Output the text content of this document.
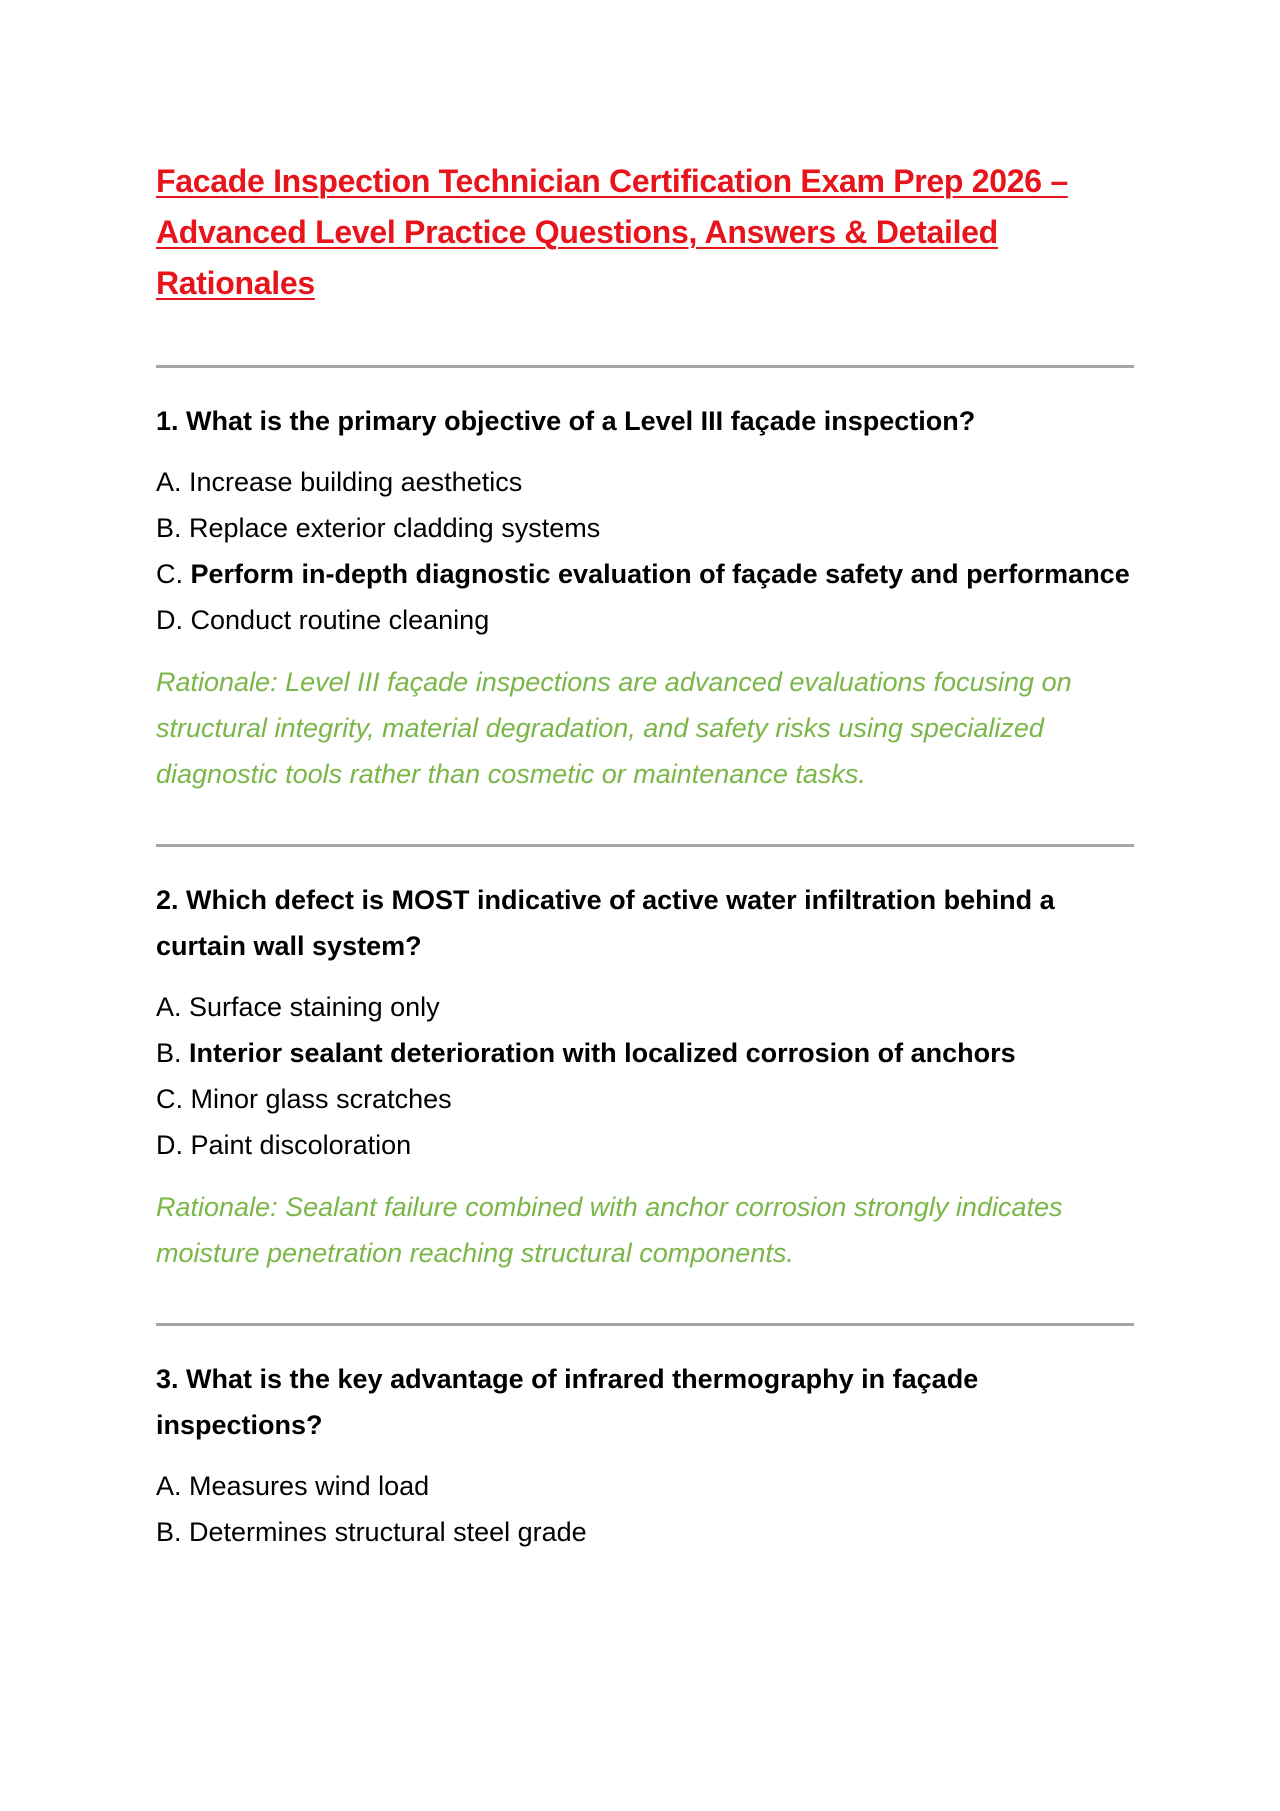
Facade Inspection Technician Certification Exam Prep 2026 – Advanced Level Practice Questions, Answers & Detailed Rationales

1. What is the primary objective of a Level III façade inspection?

A. Increase building aesthetics
B. Replace exterior cladding systems
C. Perform in-depth diagnostic evaluation of façade safety and performance
D. Conduct routine cleaning

Rationale: Level III façade inspections are advanced evaluations focusing on structural integrity, material degradation, and safety risks using specialized diagnostic tools rather than cosmetic or maintenance tasks.

2. Which defect is MOST indicative of active water infiltration behind a curtain wall system?

A. Surface staining only
B. Interior sealant deterioration with localized corrosion of anchors
C. Minor glass scratches
D. Paint discoloration

Rationale: Sealant failure combined with anchor corrosion strongly indicates moisture penetration reaching structural components.

3. What is the key advantage of infrared thermography in façade inspections?

A. Measures wind load
B. Determines structural steel grade
